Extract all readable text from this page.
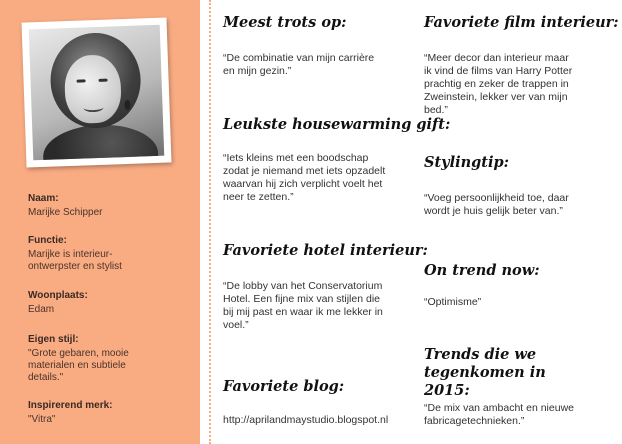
Naam:
Marijke Schipper
Functie:
Marijke is interieur-
ontwerpster en stylist
Woonplaats:
Edam
Eigen stijl:
"Grote gebaren, mooie
materialen en subtiele
details."
Inspirerend merk:
"Vitra"
Meest trots op:
“De combinatie van mijn carrière
en mijn gezin.”
Leukste housewarming gift:
“Iets kleins met een boodschap
zodat je niemand met iets opzadelt
waarvan hij zich verplicht voelt het
neer te zetten.”
Favoriete hotel interieur:
“De lobby van het Conservatorium
Hotel. Een fijne mix van stijlen die
bij mij past en waar ik me lekker in
voel.”
Favoriete blog:
http://aprilandmaystudio.blogspot.nl
Favoriete film interieur:
“Meer decor dan interieur maar
ik vind de films van Harry Potter
prachtig en zeker de trappen in
Zweinstein, lekker ver van mijn
bed.”
Stylingtip:
“Voeg persoonlijkheid toe, daar
wordt je huis gelijk beter van.”
On trend now:
“Optimisme”
Trends die we tegenkomen in
2015:
“De mix van ambacht en nieuwe
fabricagetechnieken.”
